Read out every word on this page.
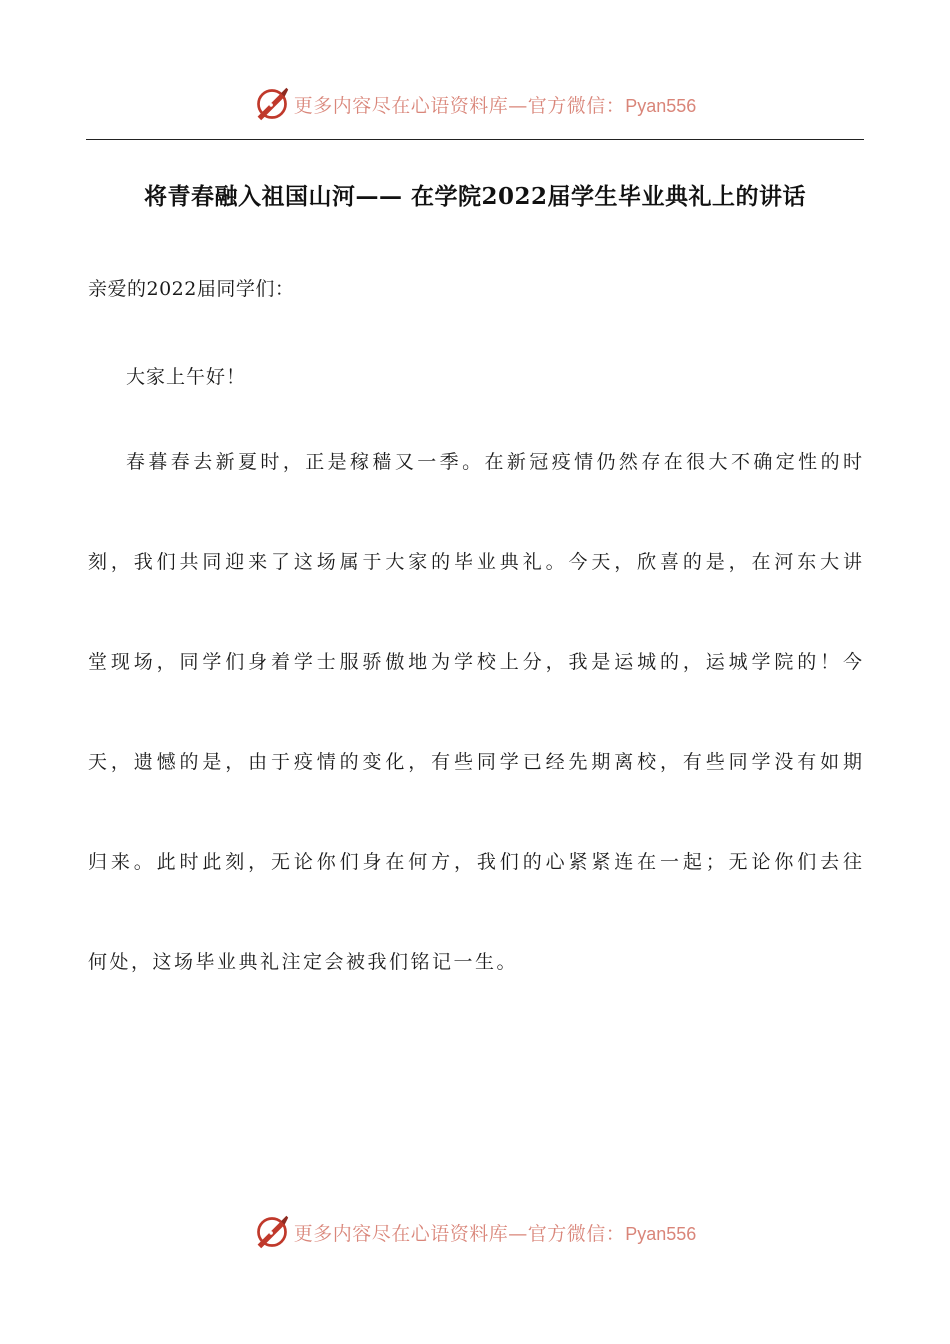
更多内容尽在心语资料库—官方微信：Pyan556
将青春融入祖国山河—— 在学院2022届学生毕业典礼上的讲话
亲爱的2022届同学们：
大家上午好！
春暮春去新夏时，正是稼穑又一季。在新冠疫情仍然存在很大不确定性的时
刻，我们共同迎来了这场属于大家的毕业典礼。今天，欣喜的是，在河东大讲
堂现场，同学们身着学士服骄傲地为学校上分，我是运城的，运城学院的！今
天，遗憾的是，由于疫情的变化，有些同学已经先期离校，有些同学没有如期
归来。此时此刻，无论你们身在何方，我们的心紧紧连在一起；无论你们去往
何处，这场毕业典礼注定会被我们铭记一生。
更多内容尽在心语资料库—官方微信：Pyan556
